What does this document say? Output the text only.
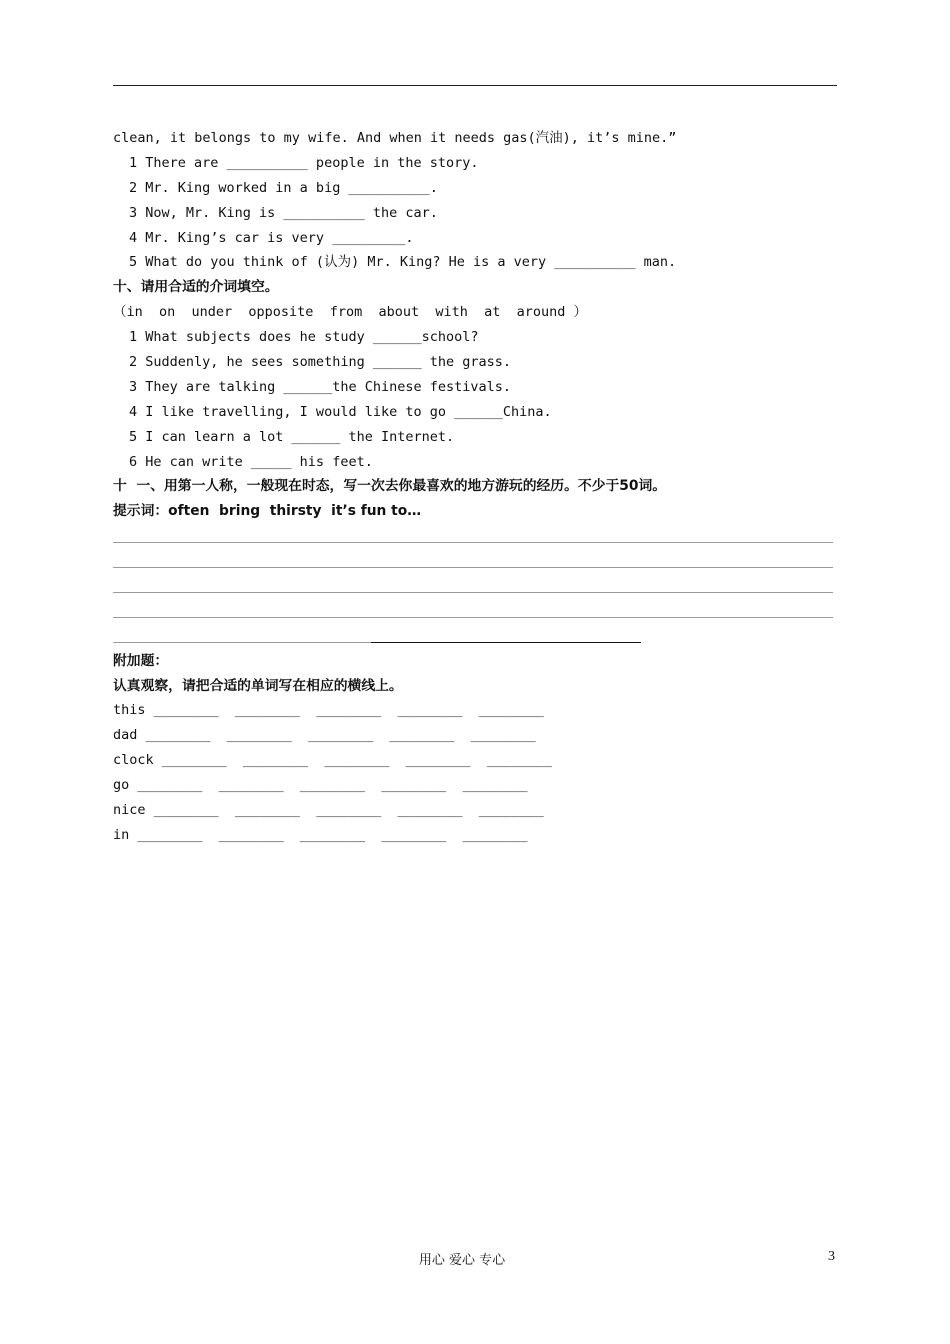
clean, it belongs to my wife. And when it needs gas(汽油), it’s mine.”
1 There are __________ people in the story.
2 Mr. King worked in a big __________.
3 Now, Mr. King is __________ the car.
4 Mr. King’s car is very _________.
5 What do you think of (认为) Mr. King? He is a very __________ man.
十、请用合适的介词填空。
（in  on  under  opposite  from  about  with  at  around ）
1 What subjects does he study ______school?
2 Suddenly, he sees something ______ the grass.
3 They are talking ______the Chinese festivals.
4 I like travelling, I would like to go ______China.
5 I can learn a lot ______ the Internet.
6 He can write _____ his feet.
十  一、用第一人称，一般现在时态，写一次去你最喜欢的地方游玩的经历。不少于50词。
提示词：often  bring  thirsty  it’s fun to…
附加题：
认真观察，请把合适的单词写在相应的横线上。
this ________  ________  ________  ________  ________
dad ________  ________  ________  ________  ________
clock ________  ________  ________  ________  ________
go ________  ________  ________  ________  ________
nice ________  ________  ________  ________  ________
in ________  ________  ________  ________  ________
用心 爱心 专心	3
